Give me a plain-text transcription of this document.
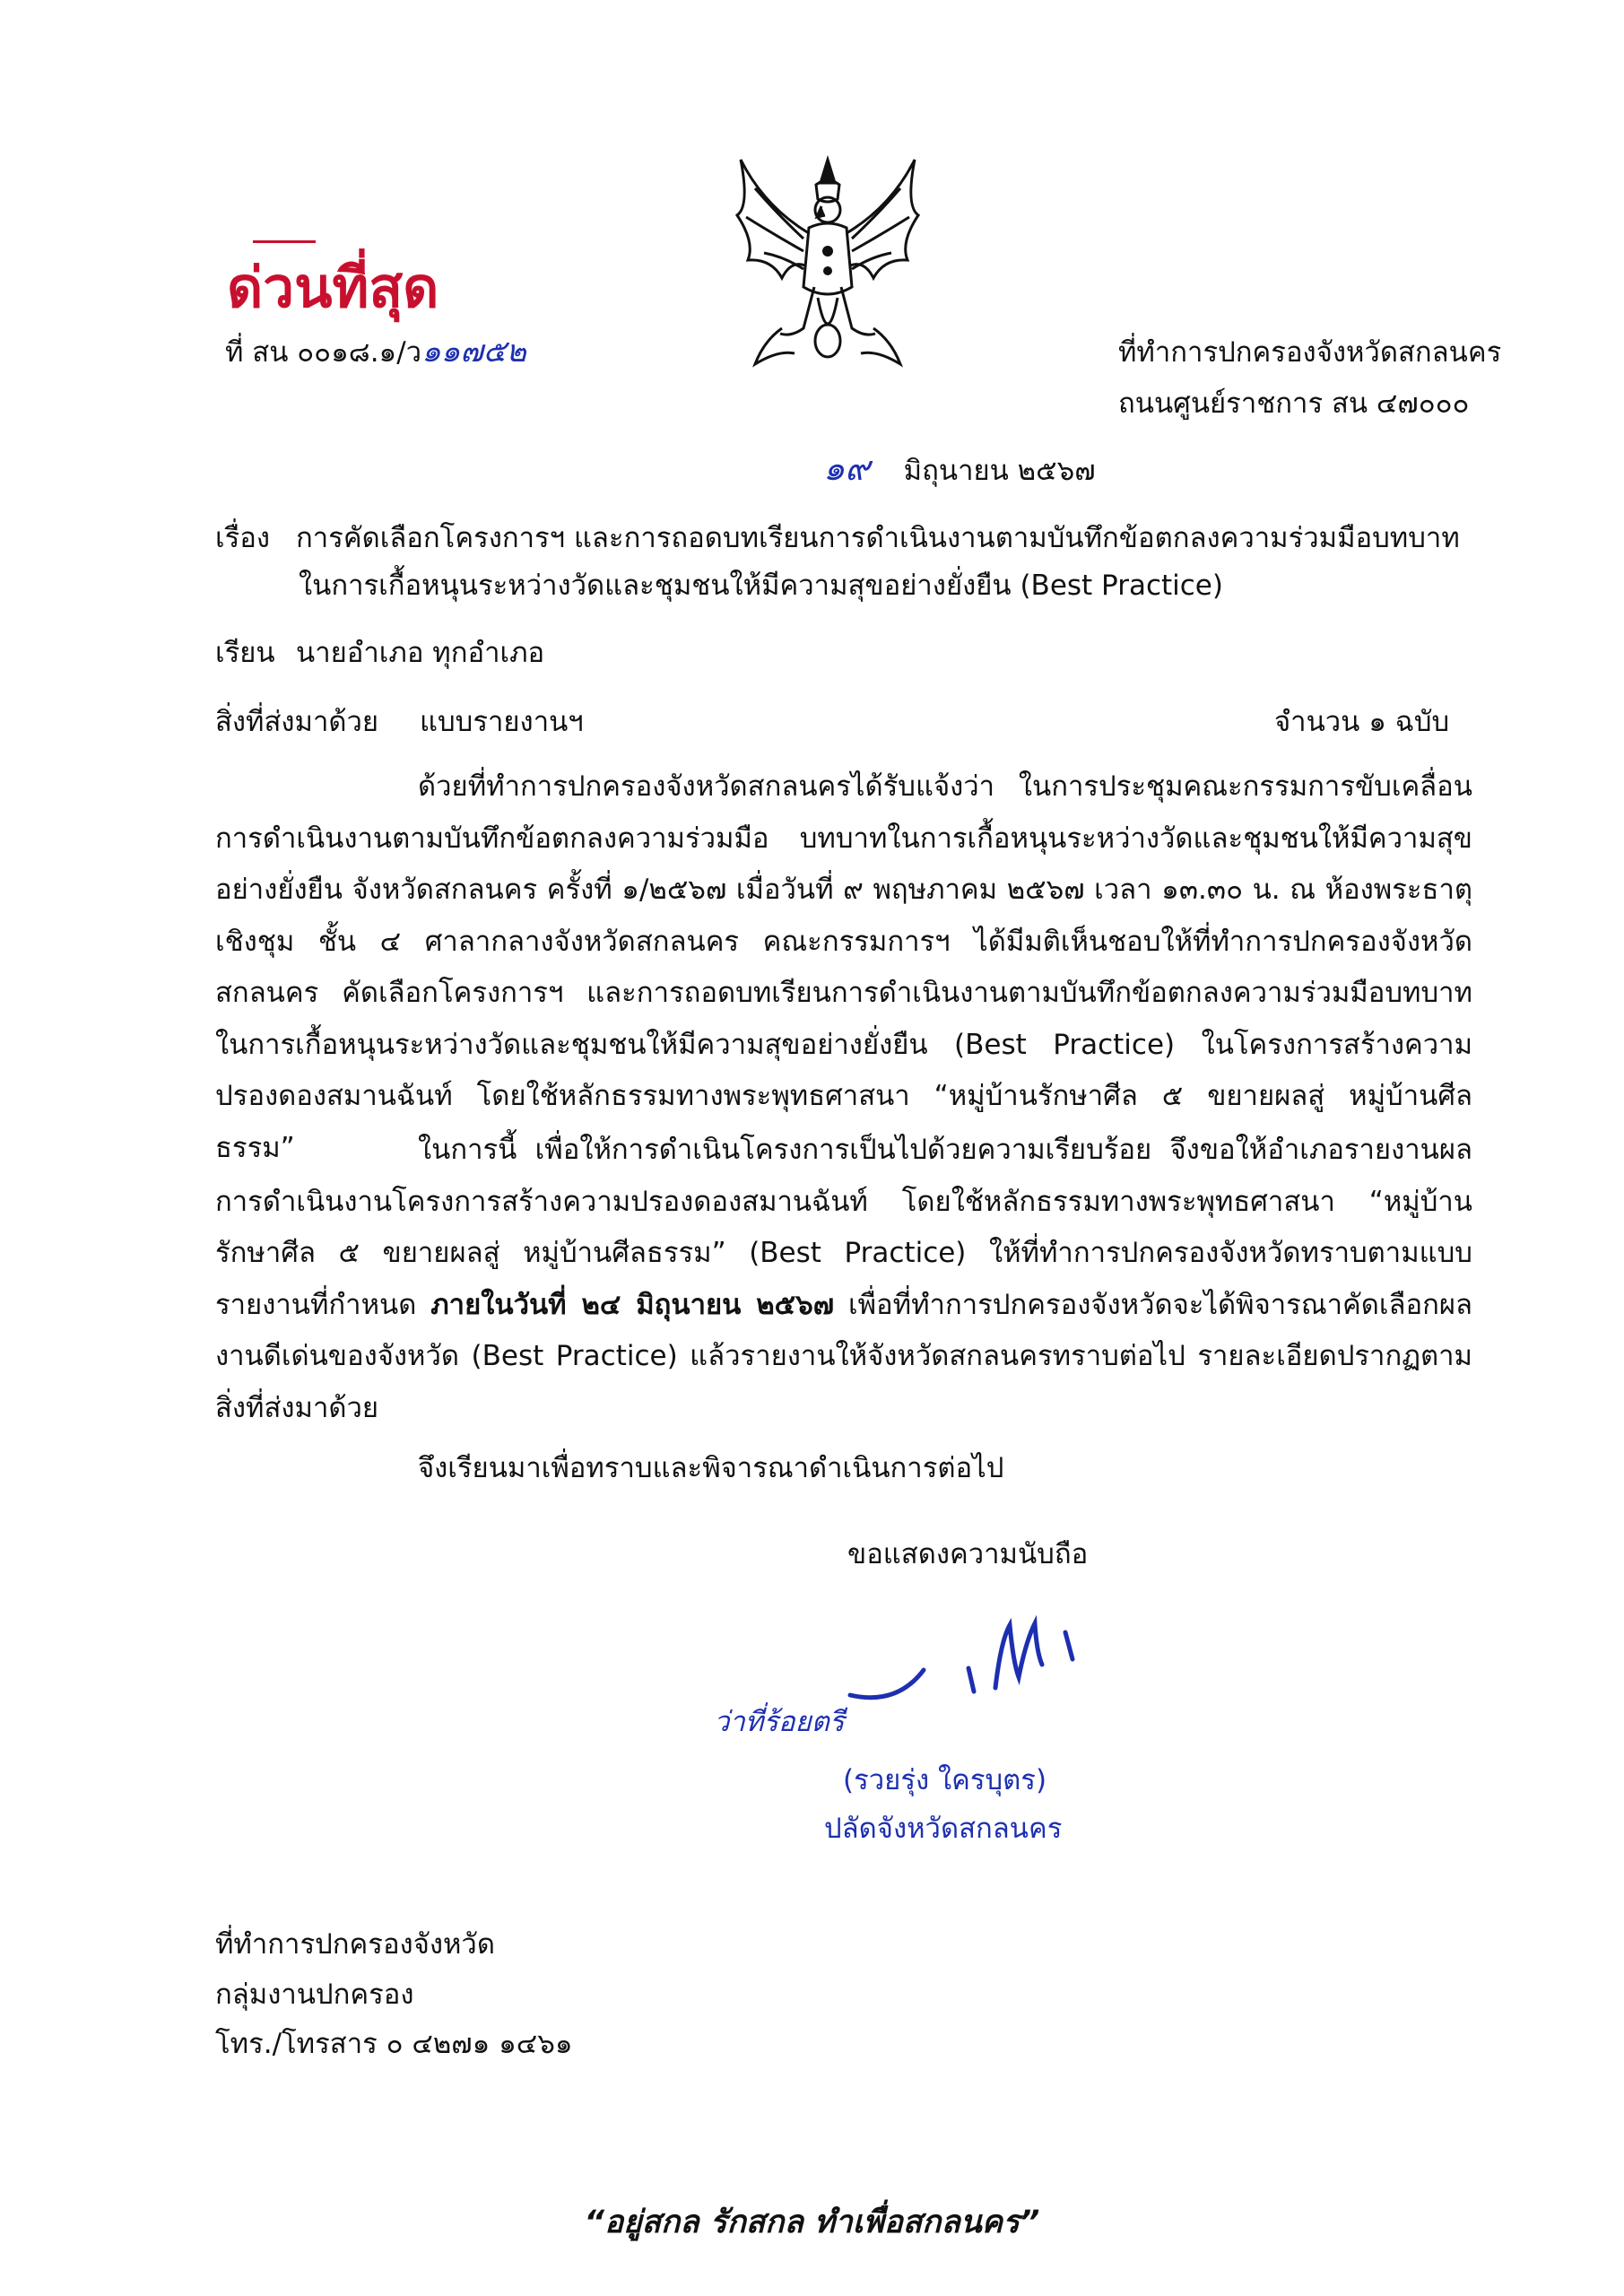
ด่วนที่สุด
ที่ สน ๐๐๑๘.๑/ว๑๑๗๕๒	ที่ทำการปกครองจังหวัดสกลนคร
ถนนศูนย์ราชการ สน ๔๗๐๐๐
๑๙ มิถุนายน ๒๕๖๗
เรื่อง การคัดเลือกโครงการฯ และการถอดบทเรียนการดำเนินงานตามบันทึกข้อตกลงความร่วมมือบทบาท
ในการเกื้อหนุนระหว่างวัดและชุมชนให้มีความสุขอย่างยั่งยืน (Best Practice)
เรียน นายอำเภอ ทุกอำเภอ
สิ่งที่ส่งมาด้วย แบบรายงานฯ	จำนวน ๑ ฉบับ

ด้วยที่ทำการปกครองจังหวัดสกลนครได้รับแจ้งว่า ในการประชุมคณะกรรมการขับเคลื่อนการดำเนินงานตามบันทึกข้อตกลงความร่วมมือ บทบาทในการเกื้อหนุนระหว่างวัดและชุมชนให้มีความสุขอย่างยั่งยืน จังหวัดสกลนคร ครั้งที่ ๑/๒๕๖๗ เมื่อวันที่ ๙ พฤษภาคม ๒๕๖๗ เวลา ๑๓.๓๐ น. ณ ห้องพระธาตุเชิงชุม ชั้น ๔ ศาลากลางจังหวัดสกลนคร คณะกรรมการฯ ได้มีมติเห็นชอบให้ที่ทำการปกครองจังหวัดสกลนคร คัดเลือกโครงการฯ และการถอดบทเรียนการดำเนินงานตามบันทึกข้อตกลงความร่วมมือบทบาทในการเกื้อหนุนระหว่างวัดและชุมชนให้มีความสุขอย่างยั่งยืน (Best Practice) ในโครงการสร้างความปรองดองสมานฉันท์ โดยใช้หลักธรรมทางพระพุทธศาสนา “หมู่บ้านรักษาศีล ๕ ขยายผลสู่ หมู่บ้านศีลธรรม”	ในการนี้ เพื่อให้การดำเนินโครงการเป็นไปด้วยความเรียบร้อย จึงขอให้อำเภอรายงานผลการดำเนินงานโครงการสร้างความปรองดองสมานฉันท์ โดยใช้หลักธรรมทางพระพุทธศาสนา “หมู่บ้านรักษาศีล ๕ ขยายผลสู่ หมู่บ้านศีลธรรม” (Best Practice) ให้ที่ทำการปกครองจังหวัดทราบตามแบบรายงานที่กำหนด ภายในวันที่ ๒๔ มิถุนายน ๒๕๖๗ เพื่อที่ทำการปกครองจังหวัดจะได้พิจารณาคัดเลือกผลงานดีเด่นของจังหวัด (Best Practice) แล้วรายงานให้จังหวัดสกลนครทราบต่อไป รายละเอียดปรากฏตามสิ่งที่ส่งมาด้วย

จึงเรียนมาเพื่อทราบและพิจารณาดำเนินการต่อไป
ขอแสดงความนับถือ
ว่าที่ร้อยตรี
(รวยรุ่ง ใครบุตร)
ปลัดจังหวัดสกลนคร
ที่ทำการปกครองจังหวัด
กลุ่มงานปกครอง
โทร./โทรสาร ๐ ๔๒๗๑ ๑๔๖๑
“อยู่สกล รักสกล ทำเพื่อสกลนคร”
